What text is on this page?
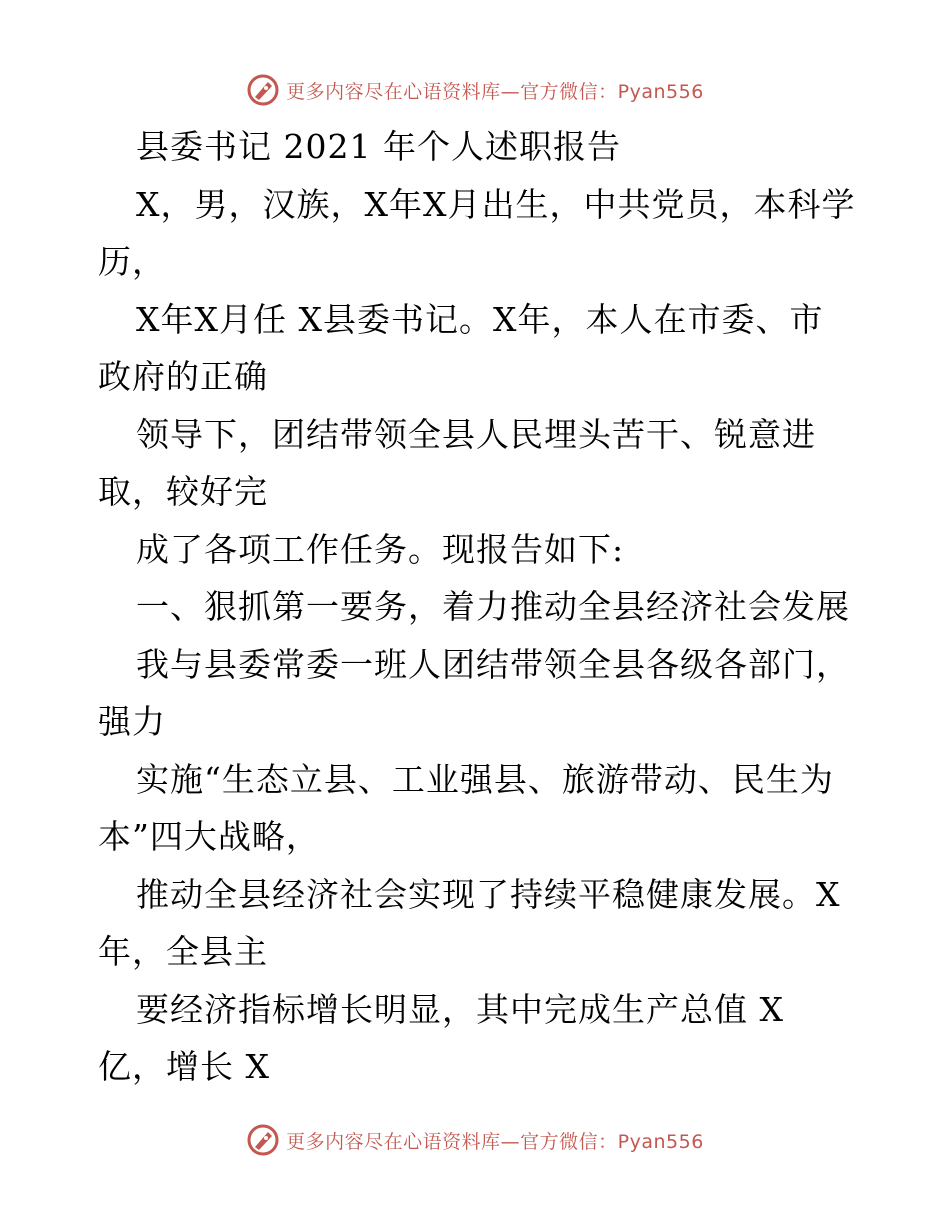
更多内容尽在心语资料库—官方微信：Pyan556
县委书记 2021 年个人述职报告
X，男，汉族，X年X月出生，中共党员，本科学
历，
X年X月任 X县委书记。X年，本人在市委、市
政府的正确
领导下，团结带领全县人民埋头苦干、锐意进
取，较好完
成了各项工作任务。现报告如下:
一、狠抓第一要务，着力推动全县经济社会发展
我与县委常委一班人团结带领全县各级各部门，
强力
实施“生态立县、工业强县、旅游带动、民生为
本”四大战略，
推动全县经济社会实现了持续平稳健康发展。X
年，全县主
要经济指标增长明显，其中完成生产总值 X
亿，增长 X
更多内容尽在心语资料库—官方微信：Pyan556
